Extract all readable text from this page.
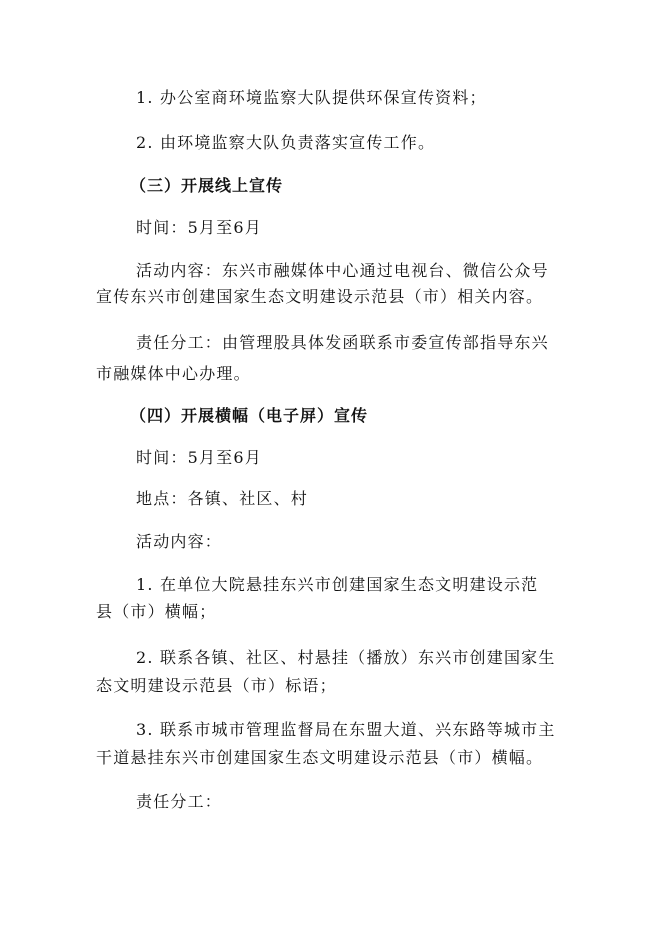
1. 办公室商环境监察大队提供环保宣传资料；
2. 由环境监察大队负责落实宣传工作。
（三）开展线上宣传
时间：5月至6月
活动内容：东兴市融媒体中心通过电视台、微信公众号
宣传东兴市创建国家生态文明建设示范县（市）相关内容。
责任分工：由管理股具体发函联系市委宣传部指导东兴
市融媒体中心办理。
（四）开展横幅（电子屏）宣传
时间：5月至6月
地点：各镇、社区、村
活动内容：
1. 在单位大院悬挂东兴市创建国家生态文明建设示范
县（市）横幅；
2. 联系各镇、社区、村悬挂（播放）东兴市创建国家生
态文明建设示范县（市）标语；
3. 联系市城市管理监督局在东盟大道、兴东路等城市主
干道悬挂东兴市创建国家生态文明建设示范县（市）横幅。
责任分工：
